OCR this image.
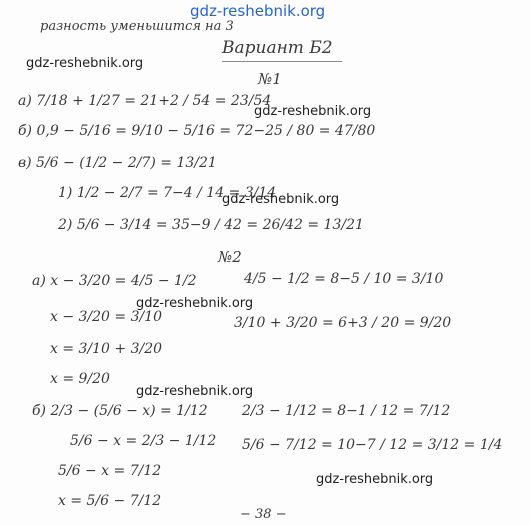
gdz-reshebnik.org
разность уменьшится на 3
Вариант Б2
gdz-reshebnik.org
№1
a) 7/18 + 1/27 = 21+2 / 54 = 23/54
gdz-reshebnik.org
б) 0,9 − 5/16 = 9/10 − 5/16 = 72−25 / 80 = 47/80
в) 5/6 − (1/2 − 2/7) = 13/21
1) 1/2 − 2/7 = 7−4 / 14 = 3/14
gdz-reshebnik.org
2) 5/6 − 3/14 = 35−9 / 42 = 26/42 = 13/21
№2
а) x − 3/20 = 4/5 − 1/2	4/5 − 1/2 = 8−5 / 10 = 3/10
gdz-reshebnik.org
x − 3/20 = 3/10	3/10 + 3/20 = 6+3 / 20 = 9/20
x = 3/10 + 3/20
x = 9/20
gdz-reshebnik.org
б) 2/3 − (5/6 − x) = 1/12 2/3 − 1/12 = 8−1 / 12 = 7/12
5/6 − x = 2/3 − 1/12 5/6 − 7/12 = 10−7 / 12 = 3/12 = 1/4
5/6 − x = 7/12
gdz-reshebnik.org
x = 5/6 − 7/12
− 38 −
